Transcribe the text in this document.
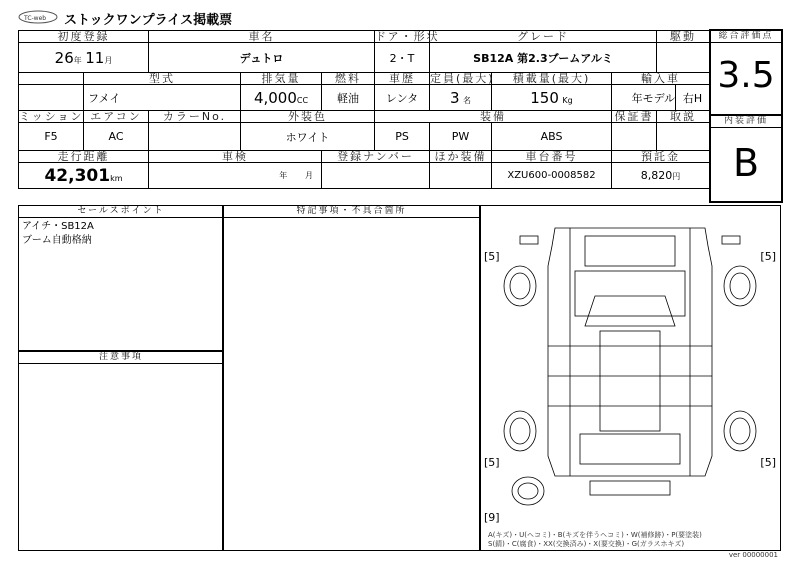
TC-web ストックワンプライス掲載票
初度登録		車名			ドア・形状	グレード			駆動	
26年 11月		デュトロ			2・T	SB12A 第2.3ブームアルミ				
	型式		排気量	燃料	車歴	定員(最大)	積載量(最大)	輸入車		
	フメイ		4,000CC	軽油	レンタ	3 名	150 Kg	年モデル		右H
ミッション	エアコン	カラーNo.	外装色		装備			保証書	取説	
F5	AC		ホワイト		PS	PW	ABS			
走行距離		車検		登録ナンバー		ほか装備	車台番号	預託金		
42,301km		年 月					XZU600-0008582	8,820円		
総合評価点
3.5
内装評価
B
セールスポイント
アイチ・SB12A
ブーム自動格納
注意事項
特記事項・不具合箇所
[5]	[5]
[5]	[5]
[9]
A(キズ)・U(ヘコミ)・B(キズを伴うヘコミ)・W(補修跡)・P(要塗装)
S(錆)・C(腐食)・XX(交換済み)・X(要交換)・G(ガラスホキズ)
ver 00000001
